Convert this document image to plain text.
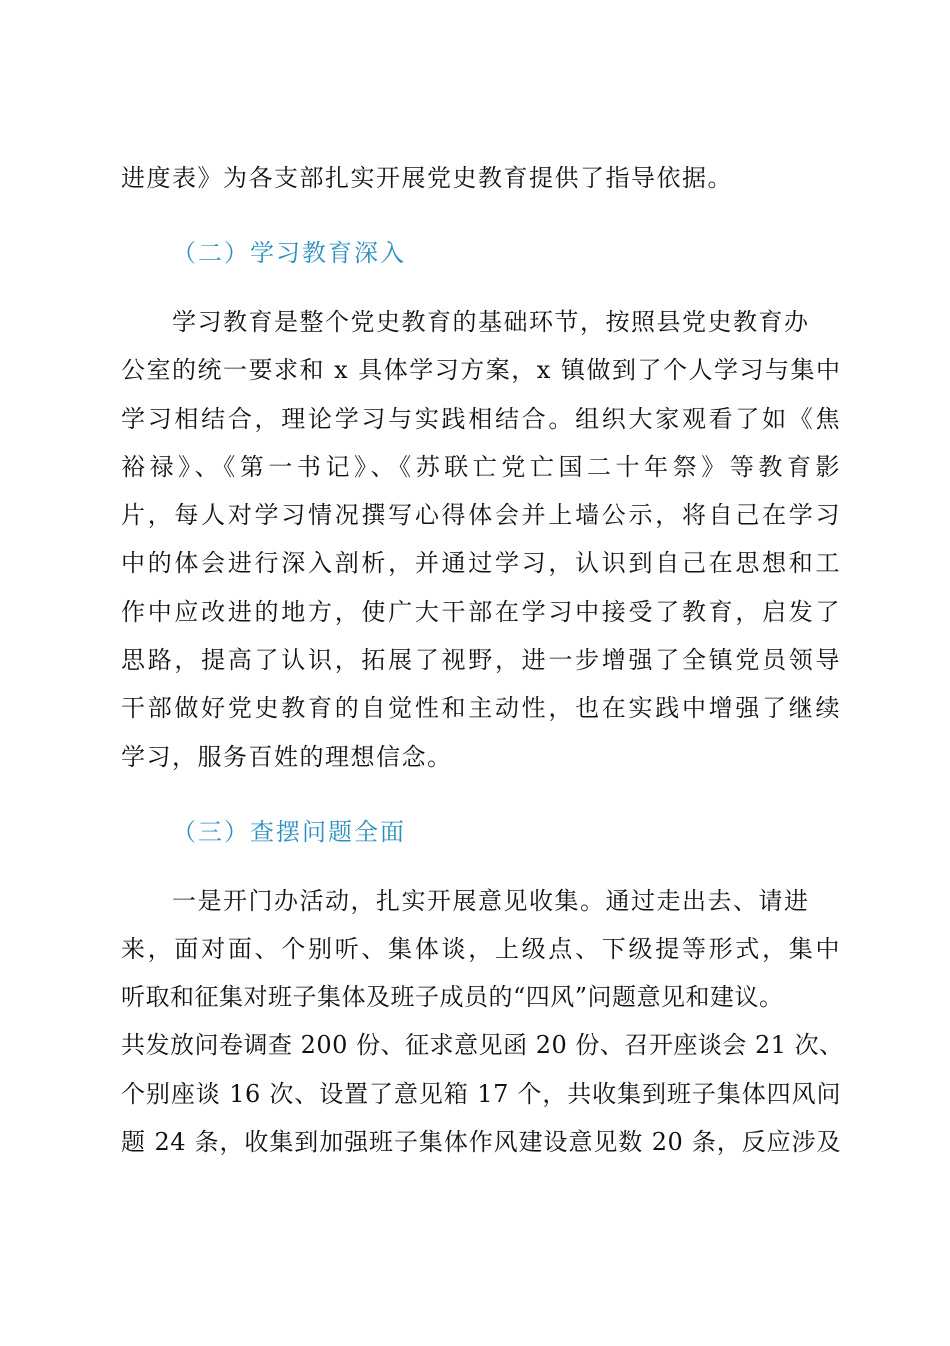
进度表》为各支部扎实开展党史教育提供了指导依据。
（二）学习教育深入
学习教育是整个党史教育的基础环节，按照县党史教育办
公室的统一要求和 x 具体学习方案，x 镇做到了个人学习与集中
学习相结合，理论学习与实践相结合。组织大家观看了如《焦
裕禄》、《第一书记》、《苏联亡党亡国二十年祭》等教育影
片，每人对学习情况撰写心得体会并上墙公示，将自己在学习
中的体会进行深入剖析，并通过学习，认识到自己在思想和工
作中应改进的地方，使广大干部在学习中接受了教育，启发了
思路，提高了认识，拓展了视野，进一步增强了全镇党员领导
干部做好党史教育的自觉性和主动性，也在实践中增强了继续
学习，服务百姓的理想信念。
（三）查摆问题全面
一是开门办活动，扎实开展意见收集。通过走出去、请进
来，面对面、个别听、集体谈，上级点、下级提等形式，集中
听取和征集对班子集体及班子成员的“四风”问题意见和建议。
共发放问卷调查 200 份、征求意见函 20 份、召开座谈会 21 次、
个别座谈 16 次、设置了意见箱 17 个，共收集到班子集体四风问
题 24 条，收集到加强班子集体作风建设意见数 20 条，反应涉及
